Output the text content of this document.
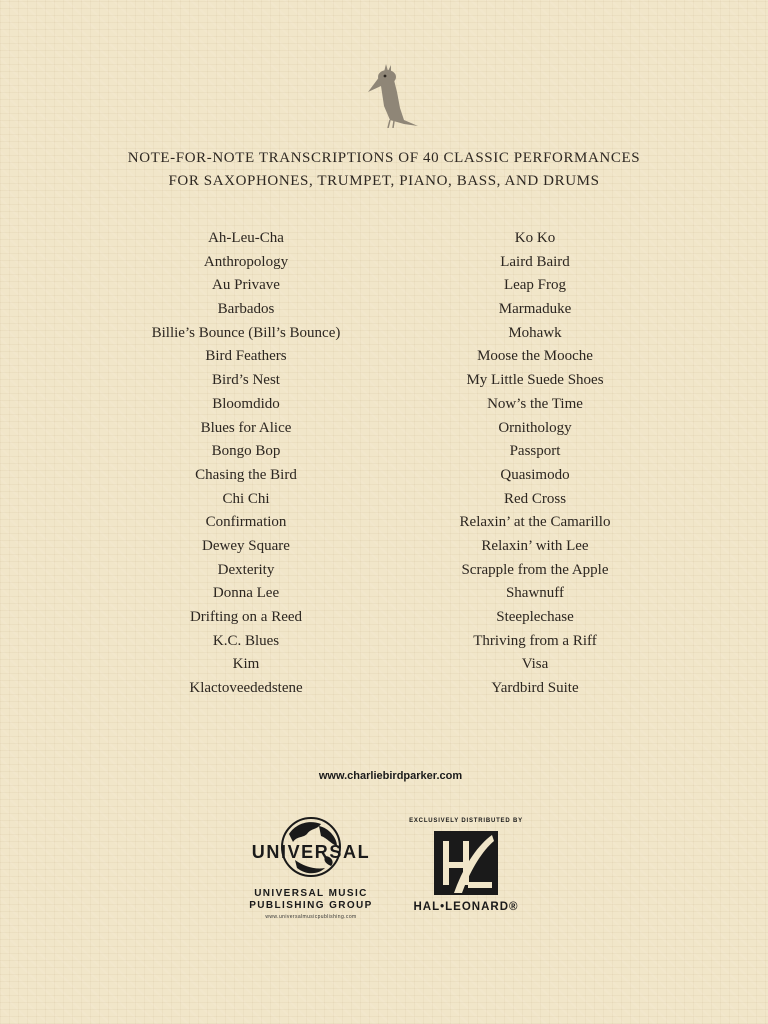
NOTE-FOR-NOTE TRANSCRIPTIONS OF 40 CLASSIC PERFORMANCES
FOR SAXOPHONES, TRUMPET, PIANO, BASS, AND DRUMS
Ah-Leu-Cha
Anthropology
Au Privave
Barbados
Billie’s Bounce (Bill’s Bounce)
Bird Feathers
Bird’s Nest
Bloomdido
Blues for Alice
Bongo Bop
Chasing the Bird
Chi Chi
Confirmation
Dewey Square
Dexterity
Donna Lee
Drifting on a Reed
K.C. Blues
Kim
Klactoveededstene
Ko Ko
Laird Baird
Leap Frog
Marmaduke
Mohawk
Moose the Mooche
My Little Suede Shoes
Now’s the Time
Ornithology
Passport
Quasimodo
Red Cross
Relaxin’ at the Camarillo
Relaxin’ with Lee
Scrapple from the Apple
Shawnuff
Steeplechase
Thriving from a Riff
Visa
Yardbird Suite
www.charliebirdparker.com
UNIVERSAL
UNIVERSAL MUSIC
PUBLISHING GROUP
www.universalmusicpublishing.com
EXCLUSIVELY DISTRIBUTED BY
HAL•LEONARD®
